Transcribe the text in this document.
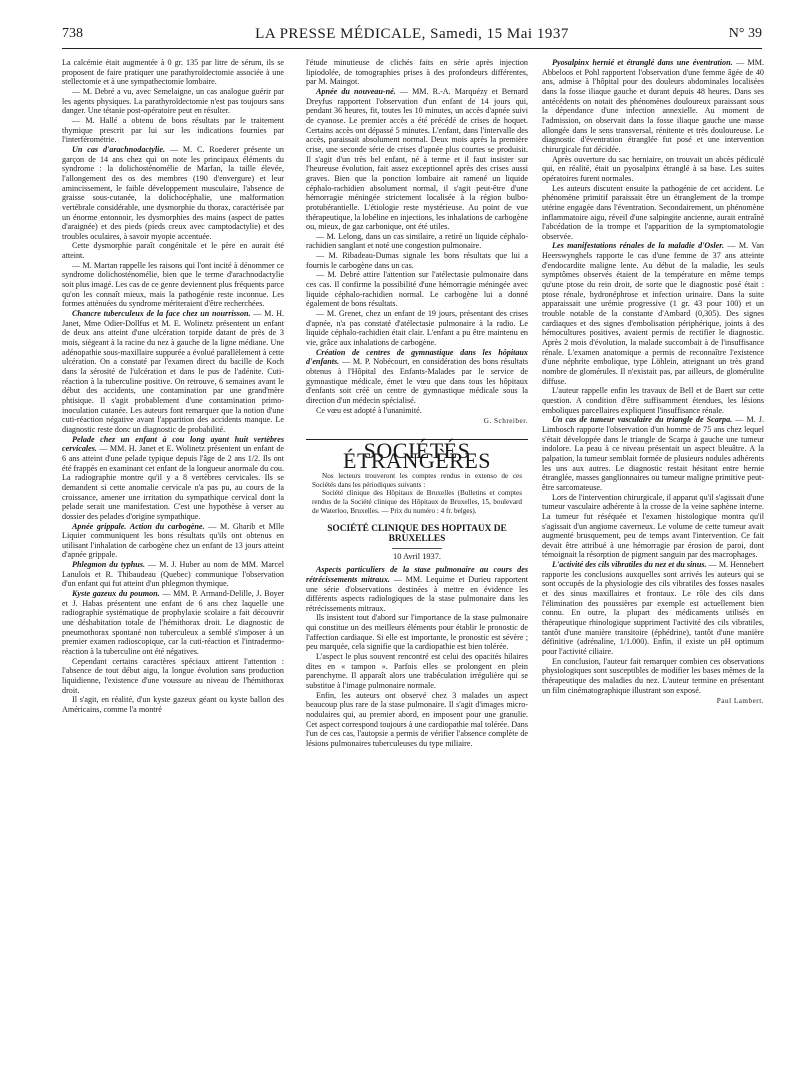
738	LA PRESSE MÉDICALE, Samedi, 15 Mai 1937	N° 39

La calcémie était augmentée à 0 gr. 135 par litre de sérum, ils se proposent de faire pratiquer une parathyroïdectomie associée à une stellectomie et à une sympathectomie lombaire.

— M. Debré a vu, avec Semelaigne, un cas analogue guérir par les agents physiques. La parathyroïdectomie n'est pas toujours sans danger. Une tétanie post-opératoire peut en résulter.

— M. Hallé a obtenu de bons résultats par le traitement thymique prescrit par lui sur les indications fournies par l'interférométrie.

Un cas d'arachnodactylie. — M. C. Roederer présente un garçon de 14 ans chez qui on note les principaux éléments du syndrome : la dolichosténomélie de Marfan, la taille élevée, l'allongement des os des membres (190 d'envergure) et leur amincissement, le faible développement musculaire, l'absence de graisse sous-cutanée, la dolichocéphalie, une malformation vertébrale considérable, une dysmorphie du thorax, caractérisée par un énorme entonnoir, les dysmorphies des mains (aspect de pattes d'araignée) et des pieds (pieds creux avec camptodactylie) et des troubles oculaires, à savoir myopie accentuée.

Cette dysmorphie paraît congénitale et le père en aurait été atteint.

— M. Martan rappelle les raisons qui l'ont incité à dénommer ce syndrome dolichosténomélie, bien que le terme d'arachnodactylie soit plus imagé. Les cas de ce genre deviennent plus fréquents parce qu'on les connaît mieux, mais la pathogénie reste inconnue. Les formes atténuées du syndrome mériteraient d'être recherchées.

Chancre tuberculeux de la face chez un nourrisson. — M. H. Janet, Mme Odier-Dollfus et M. E. Wolinetz présentent un enfant de deux ans atteint d'une ulcération torpide datant de près de 3 mois, siégeant à la racine du nez à gauche de la ligne médiane. Une adénopathie sous-maxillaire suppurée a évolué parallèlement à cette ulcération. On a constaté par l'examen direct du bacille de Koch dans la sérosité de l'ulcération et dans le pus de l'adénite. Cuti-réaction à la tuberculine positive. On retrouve, 6 semaines avant le début des accidents, une contamination par une grand'mère phtisique. Il s'agit probablement d'une contamination primo-inoculation cutanée. Les auteurs font remarquer que la notion d'une cuti-réaction négative avant l'apparition des accidents manque. Le diagnostic reste donc un diagnostic de probabilité.

Pelade chez un enfant à cou long ayant huit vertèbres cervicales. — MM. H. Janet et E. Wolinetz présentent un enfant de 6 ans atteint d'une pelade typique depuis l'âge de 2 ans 1/2. Ils ont été frappés en examinant cet enfant de la longueur anormale du cou. La radiographie montre qu'il y a 8 vertèbres cervicales. Ils se demandent si cette anomalie cervicale n'a pas pu, au cours de la croissance, amener une irritation du sympathique cervical dont la pelade serait une manifestation. C'est une hypothèse à verser au dossier des pelades d'origine sympathique.

Apnée grippale. Action du carbogène. — M. Gharib et Mlle Liquier communiquent les bons résultats qu'ils ont obtenus en utilisant l'inhalation de carbogène chez un enfant de 13 jours atteint d'apnée grippale.

Phlegmon du typhus. — M. J. Huber au nom de MM. Marcel Lanulois et R. Thibaudeau (Quebec) communique l'observation d'un enfant qui fut atteint d'un phlegmon thymique.

Kyste gazeux du poumon. — MM. P. Armand-Delille, J. Boyer et J. Habas présentent une enfant de 6 ans chez laquelle une radiographie systématique de prophylaxie scolaire a fait découvrir une déshabitation totale de l'hémithorax droit. Le diagnostic de pneumothorax spontané non tuberculeux a semblé s'imposer à un premier examen radioscopique, car la cuti-réaction et l'intradermo-réaction à la tuberculine ont été négatives.

Cependant certains caractères spéciaux attirent l'attention : l'absence de tout début aigu, la longue évolution sans production liquidienne, l'existence d'une voussure au niveau de l'hémithorax droit.

Il s'agit, en réalité, d'un kyste gazeux géant ou kyste ballon des Américains, comme l'a montré

l'étude minutieuse de clichés faits en série après injection lipiodolée, de tomographies prises à des profondeurs différentes, par M. Maingot.

Apnée du nouveau-né. — MM. R.-A. Marquézy et Bernard Dreyfus rapportent l'observation d'un enfant de 14 jours qui, pendant 36 heures, fit, toutes les 10 minutes, un accès d'apnée suivi de cyanose. Le premier accès a été précédé de crises de hoquet. Certains accès ont dépassé 5 minutes. L'enfant, dans l'intervalle des accès, paraissait absolument normal. Deux mois après la première crise, une seconde série de crises d'apnée plus courtes se produisit. Il s'agit d'un très bel enfant, né à terme et il faut insister sur l'heureuse évolution, fait assez exceptionnel après des crises aussi graves. Bien que la ponction lombaire ait ramené un liquide céphalo-rachidien absolument normal, il s'agit peut-être d'une hémorragie méningée strictement localisée à la région bulbo-protubérantielle. L'étiologie reste mystérieuse. Au point de vue thérapeutique, la lobéline en injections, les inhalations de carbogène ou, mieux, de gaz carbonique, ont été utiles.

— M. Lelong, dans un cas similaire, a retiré un liquide céphalo-rachidien sanglant et noté une congestion pulmonaire.

— M. Ribadeau-Dumas signale les bons résultats que lui a fournis le carbogène dans un cas.

— M. Debré attire l'attention sur l'atélectasie pulmonaire dans ces cas. Il confirme la possibilité d'une hémorragie méningée avec liquide céphalo-rachidien normal. Le carbogène lui a donné également de bons résultats.

— M. Grenet, chez un enfant de 19 jours, présentant des crises d'apnée, n'a pas constaté d'atélectasie pulmonaire à la radio. Le liquide céphalo-rachidien était clair. L'enfant a pu être maintenu en vie, grâce aux inhalations de carbogène.

Création de centres de gymnastique dans les hôpitaux d'enfants. — M. P. Nobécourt, en considération des bons résultats obtenus à l'Hôpital des Enfants-Malades par le service de gymnastique médicale, émet le vœu que dans tous les hôpitaux d'enfants soit créé un centre de gymnastique médicale sous la direction d'un médecin spécialisé.

Ce vœu est adopté à l'unanimité.

G. Schreiber.
SOCIÉTÉS ÉTRANGÈRES

Nos lecteurs trouveront les comptes rendus in extenso de ces Sociétés dans les périodiques suivants :

Société clinique des Hôpitaux de Bruxelles (Bulletins et comptes rendus de la Société clinique des Hôpitaux de Bruxelles, 15, boulevard de Waterloo, Bruxelles. — Prix du numéro : 4 fr. belges).

SOCIÉTÉ CLINIQUE DES HOPITAUX DE BRUXELLES
10 Avril 1937.

Aspects particuliers de la stase pulmonaire au cours des rétrécissements mitraux. — MM. Lequime et Durieu rapportent une série d'observations destinées à mettre en évidence les différents aspects radiologiques de la stase pulmonaire dans les rétrécissements mitraux.

Ils insistent tout d'abord sur l'importance de la stase pulmonaire qui constitue un des meilleurs éléments pour établir le pronostic de l'affection cardiaque. Si elle est importante, le pronostic est sévère ; peu marquée, cela signifie que la cardiopathie est bien tolérée.

L'aspect le plus souvent rencontré est celui des opacités hilaires dites en « tampon ». Parfois elles se prolongent en plein parenchyme. Il apparaît alors une trabéculation irrégulière qui se substitue à l'image pulmonaire normale.

Enfin, les auteurs ont observé chez 3 malades un aspect beaucoup plus rare de la stase pulmonaire. Il s'agit d'images micro-nodulaires qui, au premier abord, en imposent pour une granulie. Cet aspect correspond toujours à une cardiopathie mal tolérée. Dans l'un de ces cas, l'autopsie a permis de vérifier l'absence complète de lésions pulmonaires tuberculeuses du type miliaire.

Pyosalpinx hernié et étranglé dans une éventration. — MM. Abbeloos et Pohl rapportent l'observation d'une femme âgée de 40 ans, admise à l'hôpital pour des douleurs abdominales localisées dans la fosse iliaque gauche et durant depuis 48 heures. Dans ses antécédents on notait des phénomènes douloureux paraissant sous la dépendance d'une infection annexielle. Au moment de l'admission, on observait dans la fosse iliaque gauche une masse allongée dans le sens transversal, rénitente et très douloureuse. Le diagnostic d'éventration étranglée fut posé et une intervention chirurgicale fut décidée.

Après ouverture du sac herniaire, on trouvait un abcès pédiculé qui, en réalité, était un pyosalpinx étranglé à sa base. Les suites opératoires furent normales.

Les auteurs discutent ensuite la pathogénie de cet accident. Le phénomène primitif paraissait être un étranglement de la trompe utérine engagée dans l'éventration. Secondairement, un phénomène inflammatoire aigu, réveil d'une salpingite ancienne, aurait entraîné l'abcédation de la trompe et l'apparition de la symptomatologie observée.

Les manifestations rénales de la maladie d'Osler. — M. Van Heerswynghels rapporte le cas d'une femme de 37 ans atteinte d'endocardite maligne lente. Au début de la maladie, les seuls symptômes observés étaient de la température en même temps qu'une ptose du rein droit, de sorte que le diagnostic posé était : ptose rénale, hydronéphrose et infection urinaire. Dans la suite apparaissait une urémie progressive (1 gr. 43 pour 100) et un trouble notable de la constante d'Ambard (0,305). Des signes cardiaques et des signes d'embolisation périphérique, joints à des hémocultures positives, avaient permis de rectifier le diagnostic. Après 2 mois d'évolution, la malade succombait à de l'insuffisance rénale. L'examen anatomique a permis de reconnaître l'existence d'une néphrite embolique, type Löhlein, atteignant un très grand nombre de glomérules. Il n'existait pas, par ailleurs, de glomérulite diffuse.

L'auteur rappelle enfin les travaux de Bell et de Baert sur cette question. A condition d'être suffisamment étendues, les lésions emboliques parcellaires expliquent l'insuffisance rénale.

Un cas de tumeur vasculaire du triangle de Scarpa. — M. J. Limbosch rapporte l'observation d'un homme de 75 ans chez lequel s'était développée dans le triangle de Scarpa à gauche une tumeur indolore. La peau à ce niveau présentait un aspect bleuâtre. A la palpation, la tumeur semblait formée de plusieurs nodules adhérents les uns aux autres. Le diagnostic restait hésitant entre hernie étranglée, masses ganglionnaires ou tumeur maligne primitive peut-être sarcomateuse.

Lors de l'intervention chirurgicale, il apparut qu'il s'agissait d'une tumeur vasculaire adhérente à la crosse de la veine saphène interne. La tumeur fut réséquée et l'examen histologique montra qu'il s'agissait d'un angiome caverneux. Le volume de cette tumeur avait augmenté brusquement, peu de temps avant l'intervention. Ce fait devait être attribué à une hémorragie par érosion de paroi, dont témoignait la résorption de pigment sanguin par des macrophages.

L'activité des cils vibratiles du nez et du sinus. — M. Hennebert rapporte les conclusions auxquelles sont arrivés les auteurs qui se sont occupés de la physiologie des cils vibratiles des fosses nasales et des sinus maxillaires et frontaux. Le rôle des cils dans l'élimination des poussières par exemple est actuellement bien connu. En outre, la plupart des médicaments utilisés en thérapeutique rhinologique suppriment l'activité des cils vibratiles, tantôt d'une manière transitoire (éphédrine), tantôt d'une manière définitive (adrénaline, 1/1.000). Enfin, il existe un pH optimum pour l'activité ciliaire.

En conclusion, l'auteur fait remarquer combien ces observations physiologiques sont susceptibles de modifier les bases mêmes de la thérapeutique des maladies du nez. L'auteur termine en présentant un film cinématographique illustrant son exposé.

Paul Lambert.
